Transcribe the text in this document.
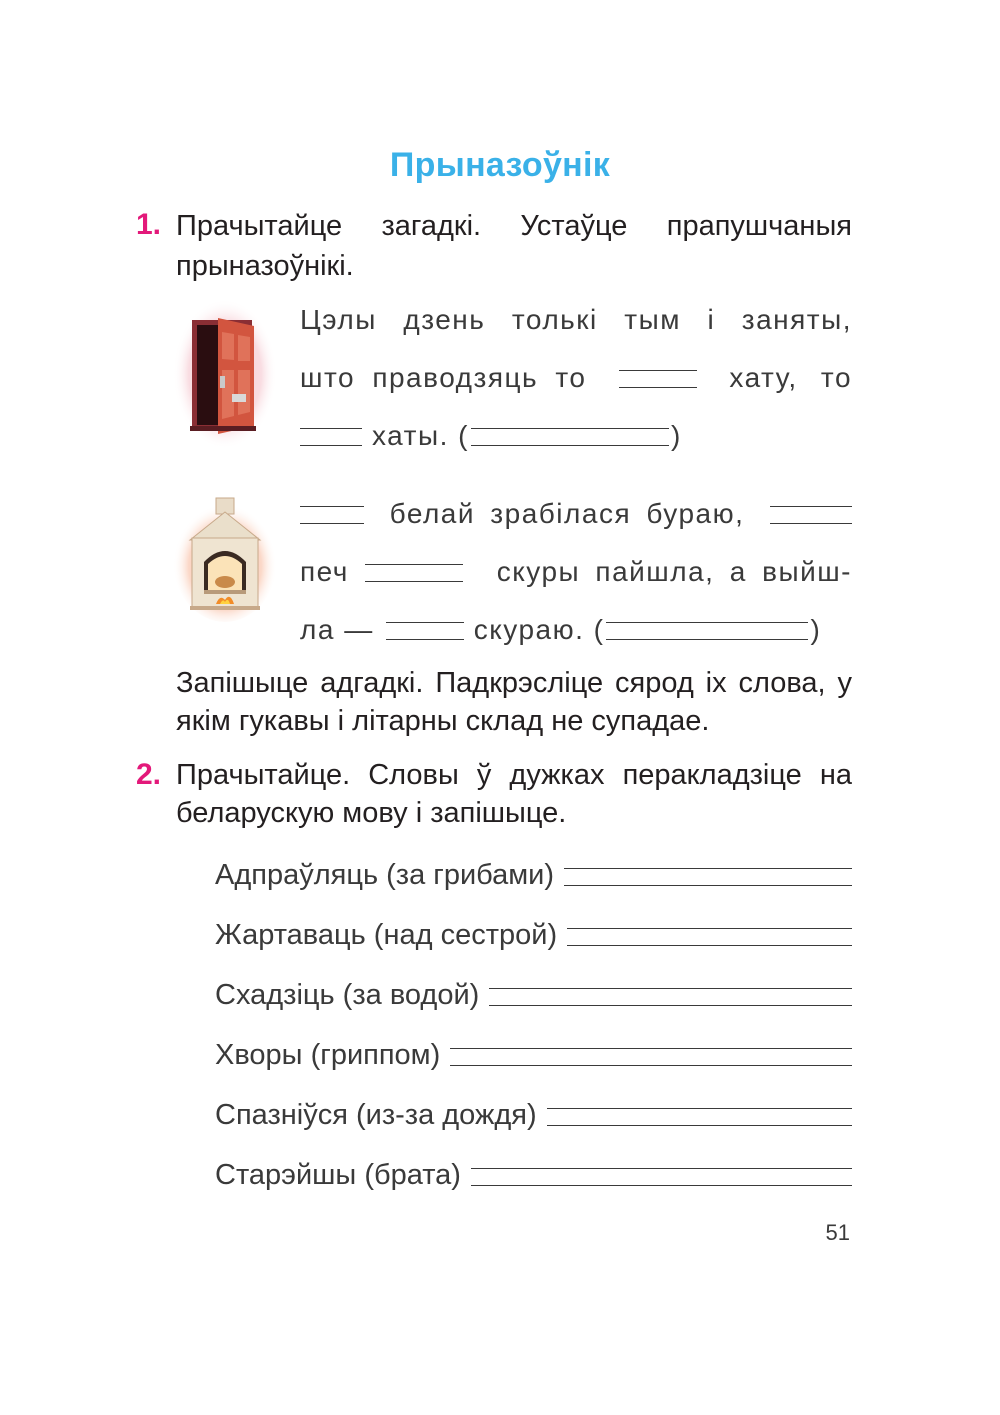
Прыназоўнік
1. Прачытайце загадкі. Устаўце прапушчаныя прыназоўнікі.
Цэлы дзень толькі тым і заняты,
што праводзяць то	хату, то
хаты. (	)
белай зрабілася бураю,
печ	скуры пайшла, а выйш-
ла —	скураю. (	)
Запішыце адгадкі. Падкрэсліце сярод іх слова, у якім гукавы і літарны склад не супадае.
2. Прачытайце. Словы ў дужках перакладзіце на беларускую мову і запішыце.
Адпраўляць (за грибами)
Жартаваць (над сестрой)
Схадзіць (за водой)
Хворы (гриппом)
Спазніўся (из-за дождя)
Старэйшы (брата)
51
